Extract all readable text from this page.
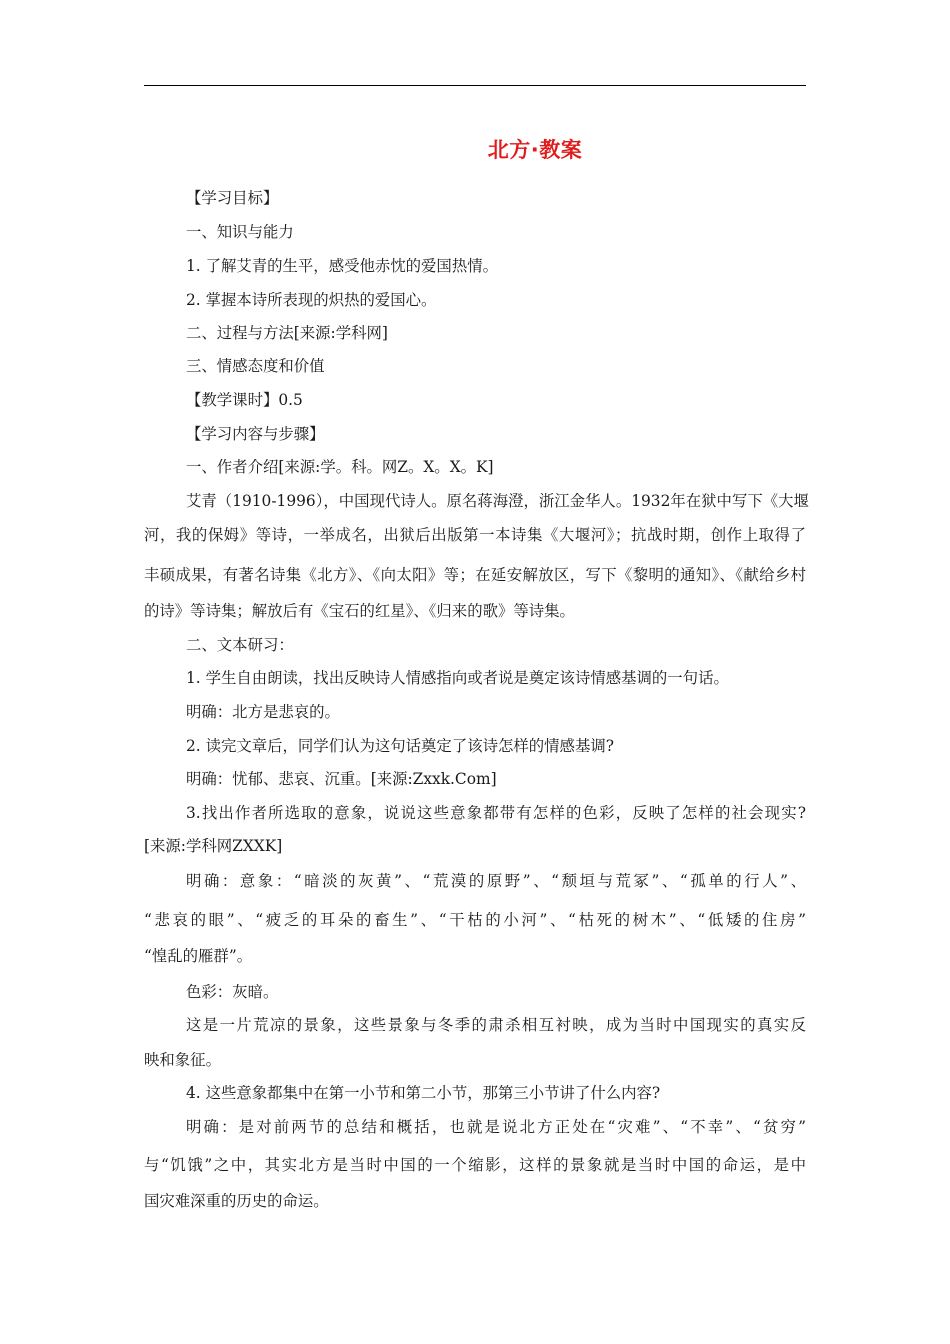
北方·教案
【学习目标】
一、知识与能力
1. 了解艾青的生平，感受他赤忱的爱国热情。
2. 掌握本诗所表现的炽热的爱国心。
二、过程与方法[来源:学科网]
三、情感态度和价值
【教学课时】0.5
【学习内容与步骤】
一、作者介绍[来源:学。科。网Z。X。X。K]
艾青（1910-1996），中国现代诗人。原名蒋海澄，浙江金华人。1932年在狱中写下《大堰
河，我的保姆》等诗，一举成名，出狱后出版第一本诗集《大堰河》；抗战时期，创作上取得了
丰硕成果，有著名诗集《北方》、《向太阳》等；在延安解放区，写下《黎明的通知》、《献给乡村
的诗》等诗集；解放后有《宝石的红星》、《归来的歌》等诗集。
二、文本研习：
1. 学生自由朗读，找出反映诗人情感指向或者说是奠定该诗情感基调的一句话。
明确：北方是悲哀的。
2. 读完文章后，同学们认为这句话奠定了该诗怎样的情感基调?
明确：忧郁、悲哀、沉重。[来源:Zxxk.Com]
3.找出作者所选取的意象，说说这些意象都带有怎样的色彩，反映了怎样的社会现实?
[来源:学科网ZXXK]
明确：意象：“暗淡的灰黄”、“荒漠的原野”、“颓垣与荒冢”、“孤单的行人”、
“悲哀的眼”、“疲乏的耳朵的畜生”、“干枯的小河”、“枯死的树木”、“低矮的住房”
“惶乱的雁群”。
色彩：灰暗。
这是一片荒凉的景象，这些景象与冬季的肃杀相互衬映，成为当时中国现实的真实反
映和象征。
4. 这些意象都集中在第一小节和第二小节，那第三小节讲了什么内容?
明确：是对前两节的总结和概括，也就是说北方正处在“灾难”、“不幸”、“贫穷”
与“饥饿”之中，其实北方是当时中国的一个缩影，这样的景象就是当时中国的命运，是中
国灾难深重的历史的命运。
